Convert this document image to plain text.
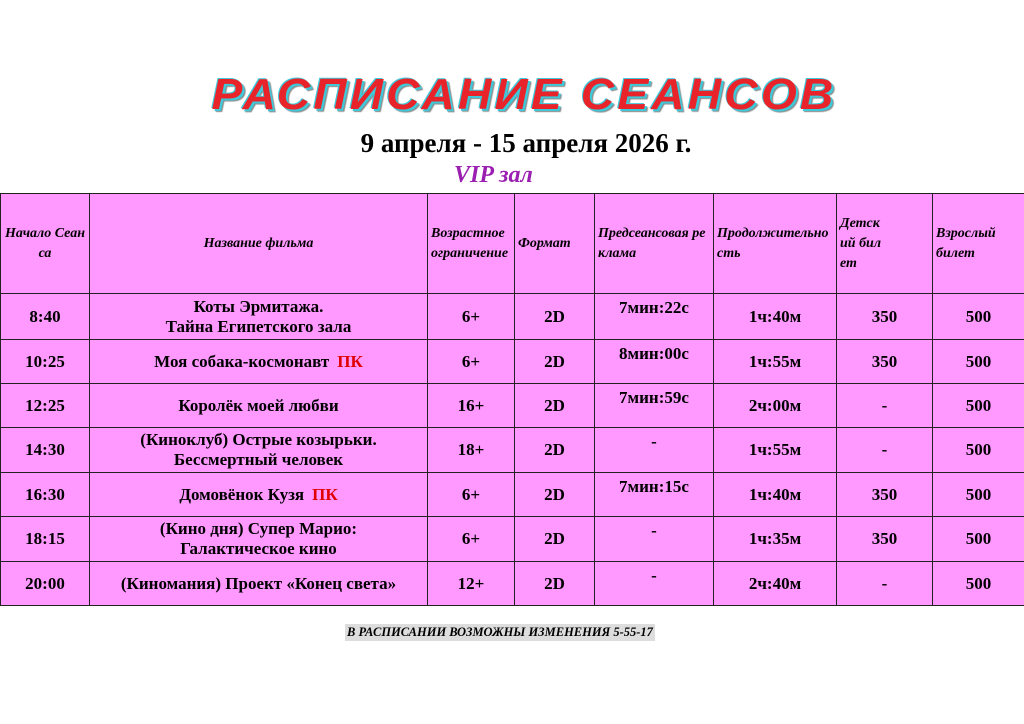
РАСПИСАНИЕ СЕАНСОВ
9 апреля - 15 апреля 2026 г.
VIP зал
Начало Сеанса	Название фильма	Возрастное ограничение	Формат	Предсеансовая реклама	Продолжительность	Детский билет	Взрослый билет
8:40	Коты Эрмитажа.
Тайна Египетского зала	6+	2D	7мин:22с	1ч:40м	350	500
10:25	Моя собака-космонавт ПК	6+	2D	8мин:00с	1ч:55м	350	500
12:25	Королёк моей любви	16+	2D	7мин:59с	2ч:00м	-	500
14:30	(Киноклуб) Острые козырьки.
Бессмертный человек	18+	2D	-	1ч:55м	-	500
16:30	Домовёнок Кузя ПК	6+	2D	7мин:15с	1ч:40м	350	500
18:15	(Кино дня) Супер Марио:
Галактическое кино	6+	2D	-	1ч:35м	350	500
20:00	(Киномания) Проект «Конец света»	12+	2D	-	2ч:40м	-	500
В РАСПИСАНИИ ВОЗМОЖНЫ ИЗМЕНЕНИЯ 5-55-17
